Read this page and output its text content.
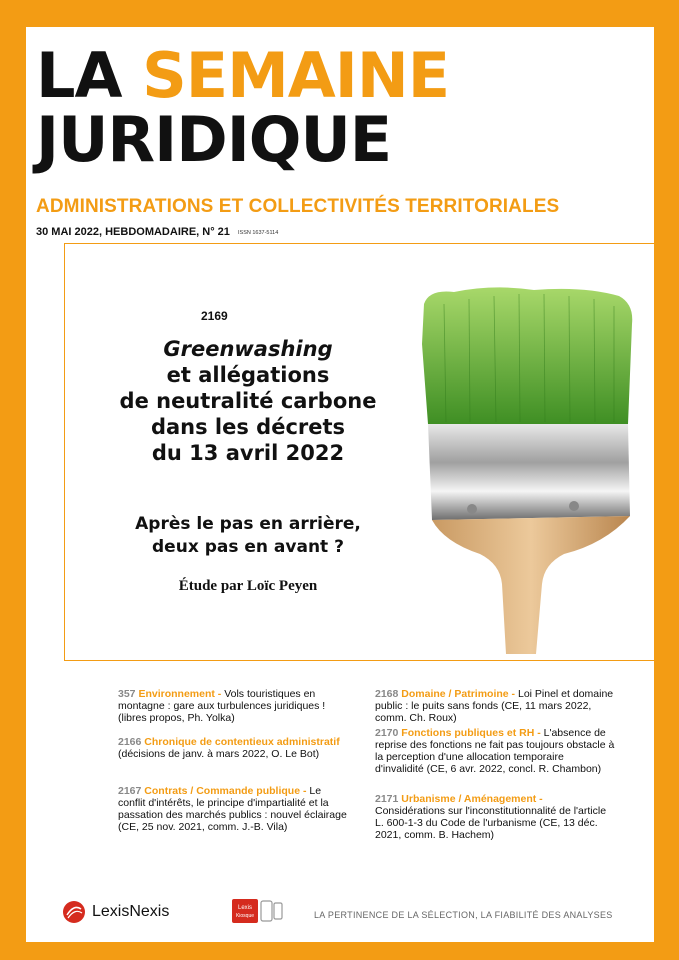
LA SEMAINE
JURIDIQUE
ADMINISTRATIONS ET COLLECTIVITÉS TERRITORIALES
30 MAI 2022, HEBDOMADAIRE, N° 21 ISSN 1637-5114
2169
Greenwashing
et allégations
de neutralité carbone
dans les décrets
du 13 avril 2022
Après le pas en arrière,
deux pas en avant ?
Étude par Loïc Peyen
357 Environnement - Vols touristiques en montagne : gare aux turbulences juridiques ! (libres propos, Ph. Yolka)
2166 Chronique de contentieux administratif (décisions de janv. à mars 2022, O. Le Bot)
2167 Contrats / Commande publique - Le conflit d'intérêts, le principe d'impartialité et la passation des marchés publics : nouvel éclairage (CE, 25 nov. 2021, comm. J.-B. Vila)
2168 Domaine / Patrimoine - Loi Pinel et domaine public : le puits sans fonds (CE, 11 mars 2022, comm. Ch. Roux)
2170 Fonctions publiques et RH - L'absence de reprise des fonctions ne fait pas toujours obstacle à la perception d'une allocation temporaire d'invalidité (CE, 6 avr. 2022, concl. R. Chambon)
2171 Urbanisme / Aménagement - Considérations sur l'inconstitutionnalité de l'article L. 600-1-3 du Code de l'urbanisme (CE, 13 déc. 2021, comm. B. Hachem)
LexisNexis	Lexis
Kiosque	LA PERTINENCE DE LA SÉLECTION, LA FIABILITÉ DES ANALYSES
